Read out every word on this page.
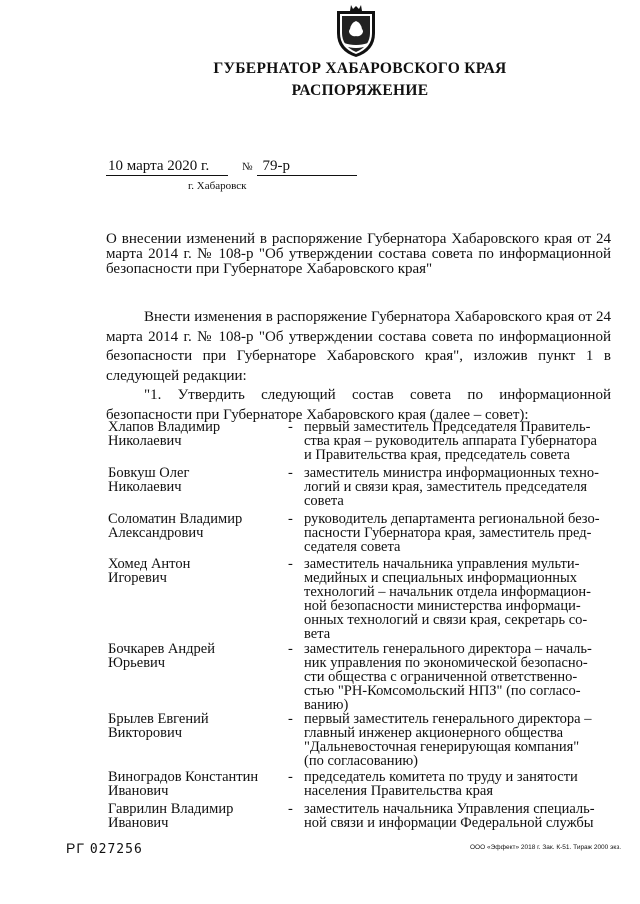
ГУБЕРНАТОР ХАБАРОВСКОГО КРАЯ
РАСПОРЯЖЕНИЕ
10 марта 2020 г.	№ 79-р
г. Хабаровск
О внесении изменений в распоряжение Губернатора Хабаровского края от 24 марта 2014 г. № 108-р "Об утверждении состава совета по информационной безопасности при Губернаторе Хабаровского края"

Внести изменения в распоряжение Губернатора Хабаровского края от 24 марта 2014 г. № 108-р "Об утверждении состава совета по информационной безопасности при Губернаторе Хабаровского края", изложив пункт 1 в следующей редакции:

"1. Утвердить следующий состав совета по информационной безопасности при Губернаторе Хабаровского края (далее – совет):

Хлапов Владимир
Николаевич
- первый заместитель Председателя Правитель-
ства края – руководитель аппарата Губернатора
и Правительства края, председатель совета
Бовкуш Олег
Николаевич
- заместитель министра информационных техно-
логий и связи края, заместитель председателя
совета
Соломатин Владимир
Александрович
- руководитель департамента региональной безо-
пасности Губернатора края, заместитель пред-
седателя совета
Хомед Антон
Игоревич
- заместитель начальника управления мульти-
медийных и специальных информационных
технологий – начальник отдела информацион-
ной безопасности министерства информаци-
онных технологий и связи края, секретарь со-
вета
Бочкарев Андрей
Юрьевич
- заместитель генерального директора – началь-
ник управления по экономической безопасно-
сти общества с ограниченной ответственно-
стью "РН-Комсомольский НПЗ" (по согласо-
ванию)
Брылев Евгений
Викторович
- первый заместитель генерального директора –
главный инженер акционерного общества
"Дальневосточная генерирующая компания"
(по согласованию)
Виноградов Константин
Иванович
- председатель комитета по труду и занятости
населения Правительства края
Гаврилин Владимир
Иванович
- заместитель начальника Управления специаль-
ной связи и информации Федеральной службы
РГ 027256	ООО «Эффект» 2018 г. Зак. К-51. Тираж 2000 экз.
